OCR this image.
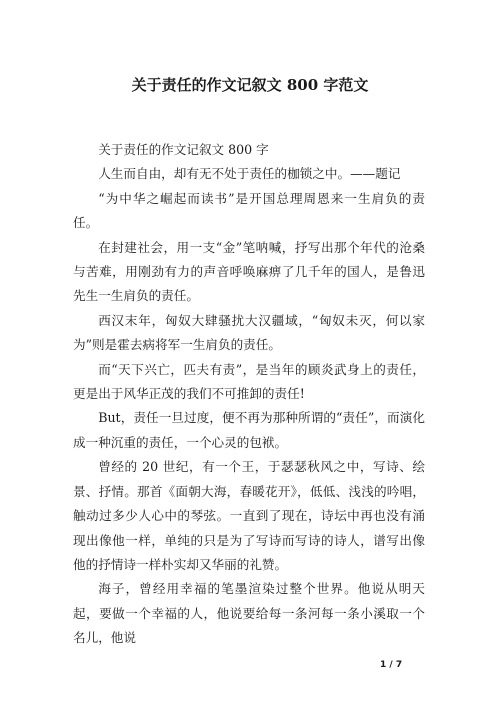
关于责任的作文记叙文 800 字范文

关于责任的作文记叙文 800 字

人生而自由，却有无不处于责任的枷锁之中。——题记

“为中华之崛起而读书”是开国总理周恩来一生肩负的责任。

在封建社会，用一支“金”笔呐喊，抒写出那个年代的沧桑与苦难，用刚劲有力的声音呼唤麻痹了几千年的国人，是鲁迅先生一生肩负的责任。

西汉末年，匈奴大肆骚扰大汉疆域，“匈奴未灭，何以家为”则是霍去病将军一生肩负的责任。

而“天下兴亡，匹夫有责”，是当年的顾炎武身上的责任，更是出于风华正茂的我们不可推卸的责任!

But，责任一旦过度，便不再为那种所谓的“责任”，而演化成一种沉重的责任，一个心灵的包袱。

曾经的 20 世纪，有一个王，于瑟瑟秋风之中，写诗、绘景、抒情。那首《面朝大海，春暖花开》，低低、浅浅的吟唱，触动过多少人心中的琴弦。一直到了现在，诗坛中再也没有涌现出像他一样，单纯的只是为了写诗而写诗的诗人，谱写出像他的抒情诗一样朴实却又华丽的礼赞。

海子，曾经用幸福的笔墨渲染过整个世界。他说从明天起，要做一个幸福的人，他说要给每一条河每一条小溪取一个名儿，他说

1 / 7
